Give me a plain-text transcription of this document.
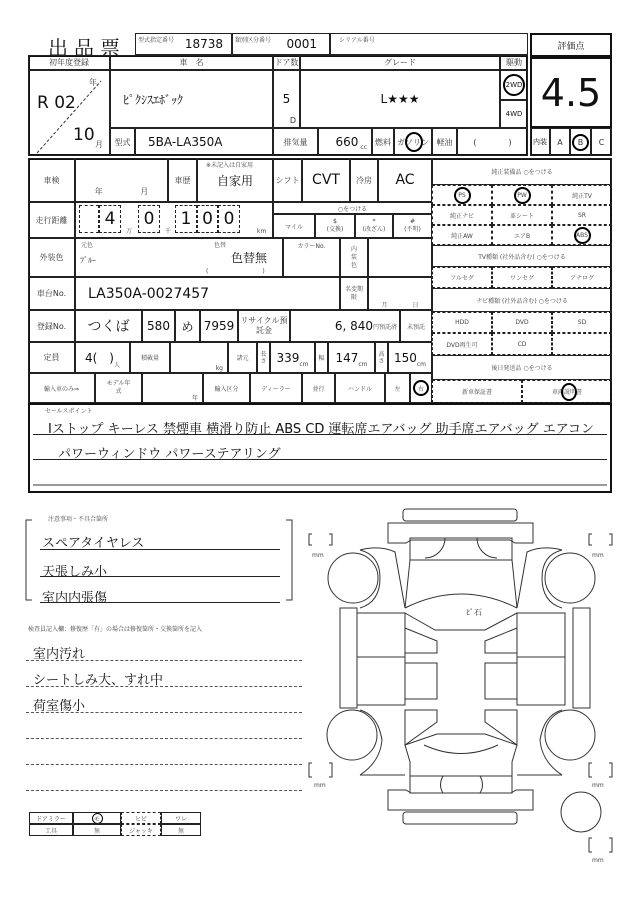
出品票 型式指定番号 18738 類別区分番号 0001	シリアル番号
評価点
初年度登録
R 02
年
10 月
車　名
ﾋﾟｸｼｽｴﾎﾞｯｸ
ドア数
5
D
グレード
L★★★
駆動
2WD
4WD
型式	5BA-LA350A	排気量	660 cc
燃料 ガソリン 軽油	(　　　　)
4.5
内装	A	B	C
車検
年	月
車歴
※未記入は自家用
自家用	シフト CVT	冷房	AC
走行距離	4
万
0
千
1 0 0
km
○をつける
マイル
$
(交換)
*
(改ざん)
#
(不明)
外装色
元色
ﾌﾞﾙｰ
色替
色替無
(　　　　　　　　　)
カラーNo.	内装色
車台No.	LA350A-0027457	名変期限
月	日
登録No.	つくば	580 め 7959 リサイクル預託金	6, 840 円預託済	未預託
定員	4(　)
人
積載量
kg
諸元
長さ 339 cm
幅 147 cm
高さ 150 cm
輸入車のみ⇒
モデル年式
年
輸入区分	ディーラー	並行	ハンドル	左	右
純正装備品 ○をつける
PS	PW	純正TV
純正ナビ	革シート	SR
純正AW	エアB	ABS
TV種類 (社外品含む) ○をつける
フルセグ	ワンセグ	アナログ
ナビ種類 (社外品含む) ○をつける
HDD	DVD	SD
DVD再生可	CD
後日発送品 ○をつける
新車保証書	車両説明書
セールスポイント
Iストップ キーレス 禁煙車 横滑り防止 ABS CD 運転席エアバッグ 助手席エアバッグ エアコン
パワーウィンドウ パワーステアリング
注意事項・不具合箇所
スペアタイヤレス
天張しみ小
室内内張傷
検査員記入欄：修復歴「有」の場合は修復箇所・交換箇所を記入
室内汚れ
シートしみ大、すれ中
荷室傷小
ドアミラー	モ	ヒビ	ワレ
工具	無	ジャッキ	無
ﾋﾟ石
mm	mm
mm	mm
mm
